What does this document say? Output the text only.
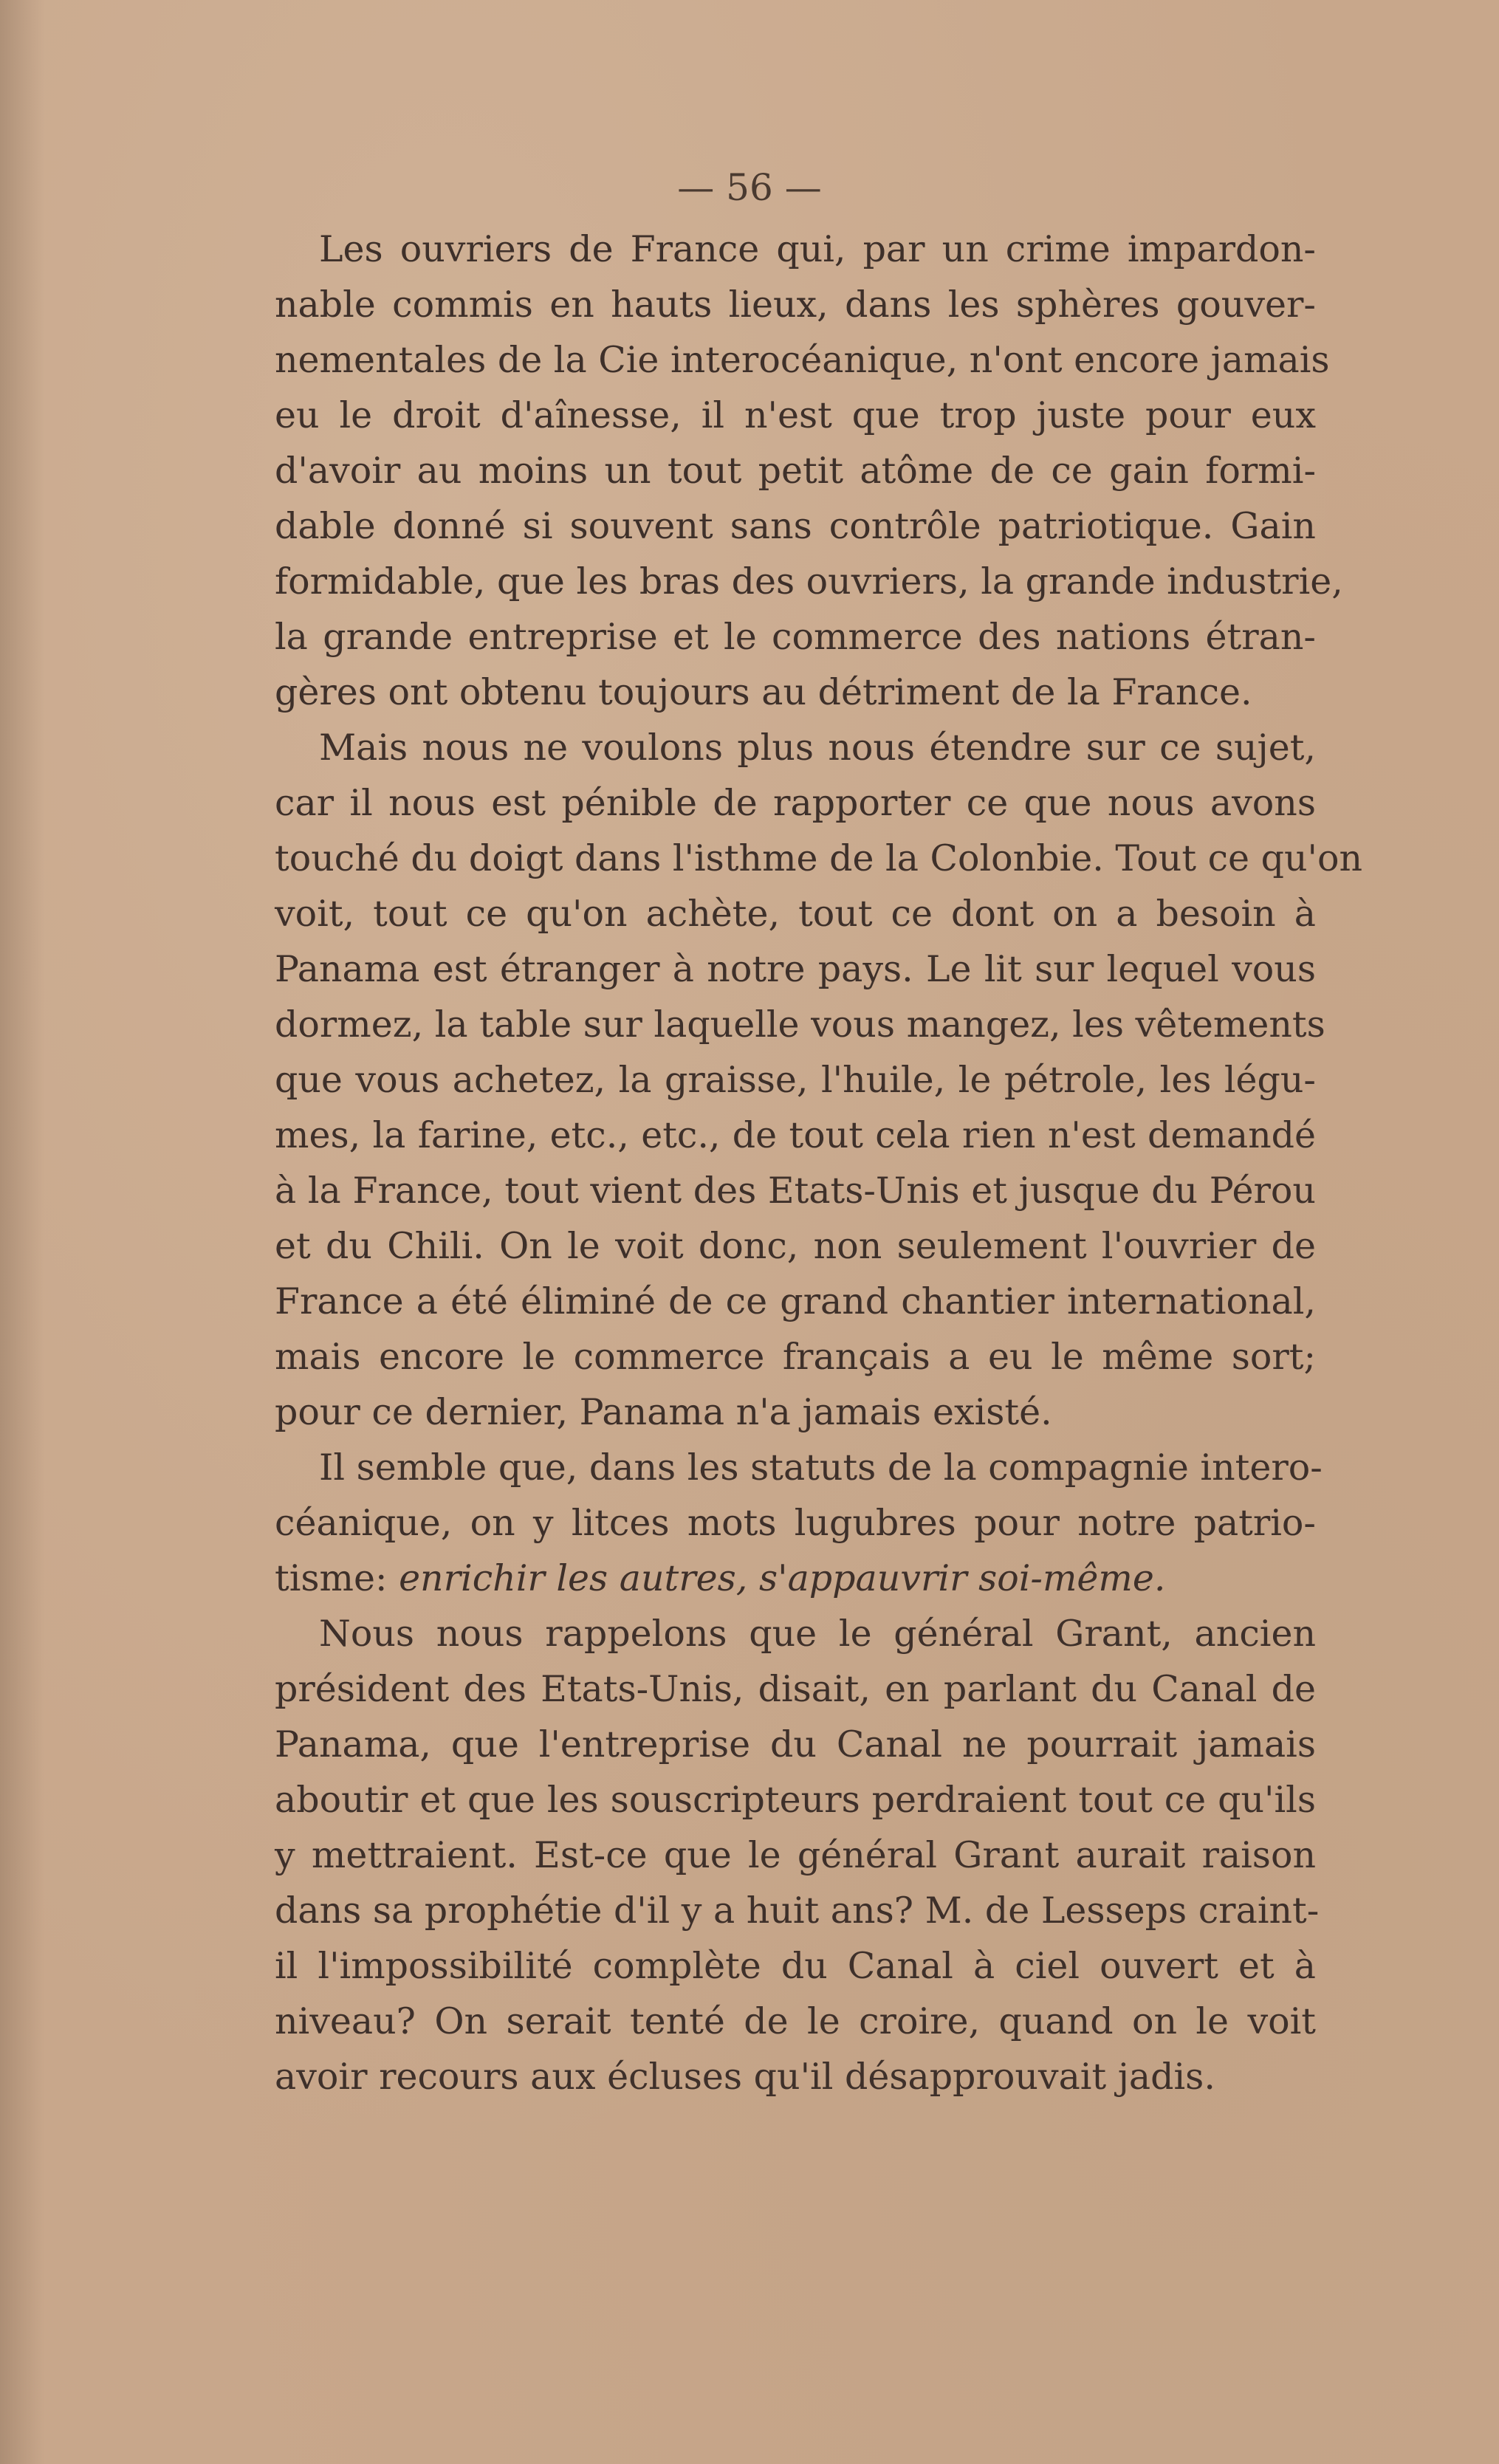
— 56 —
Les ouvriers de France qui, par un crime impardon-
nable commis en hauts lieux, dans les sphères gouver-
nementales de la Cie interocéanique, n'ont encore jamais
eu le droit d'aînesse, il n'est que trop juste pour eux
d'avoir au moins un tout petit atôme de ce gain formi-
dable donné si souvent sans contrôle patriotique. Gain
formidable, que les bras des ouvriers, la grande industrie,
la grande entreprise et le commerce des nations étran-
gères ont obtenu toujours au détriment de la France.
Mais nous ne voulons plus nous étendre sur ce sujet,
car il nous est pénible de rapporter ce que nous avons
touché du doigt dans l'isthme de la Colonbie. Tout ce qu'on
voit, tout ce qu'on achète, tout ce dont on a besoin à
Panama est étranger à notre pays. Le lit sur lequel vous
dormez, la table sur laquelle vous mangez, les vêtements
que vous achetez, la graisse, l'huile, le pétrole, les légu-
mes, la farine, etc., etc., de tout cela rien n'est demandé
à la France, tout vient des Etats-Unis et jusque du Pérou
et du Chili. On le voit donc, non seulement l'ouvrier de
France a été éliminé de ce grand chantier international,
mais encore le commerce français a eu le même sort;
pour ce dernier, Panama n'a jamais existé.
Il semble que, dans les statuts de la compagnie intero-
céanique, on y litces mots lugubres pour notre patrio-
tisme: enrichir les autres, s'appauvrir soi-même.
Nous nous rappelons que le général Grant, ancien
président des Etats-Unis, disait, en parlant du Canal de
Panama, que l'entreprise du Canal ne pourrait jamais
aboutir et que les souscripteurs perdraient tout ce qu'ils
y mettraient. Est-ce que le général Grant aurait raison
dans sa prophétie d'il y a huit ans? M. de Lesseps craint-
il l'impossibilité complète du Canal à ciel ouvert et à
niveau? On serait tenté de le croire, quand on le voit
avoir recours aux écluses qu'il désapprouvait jadis.
